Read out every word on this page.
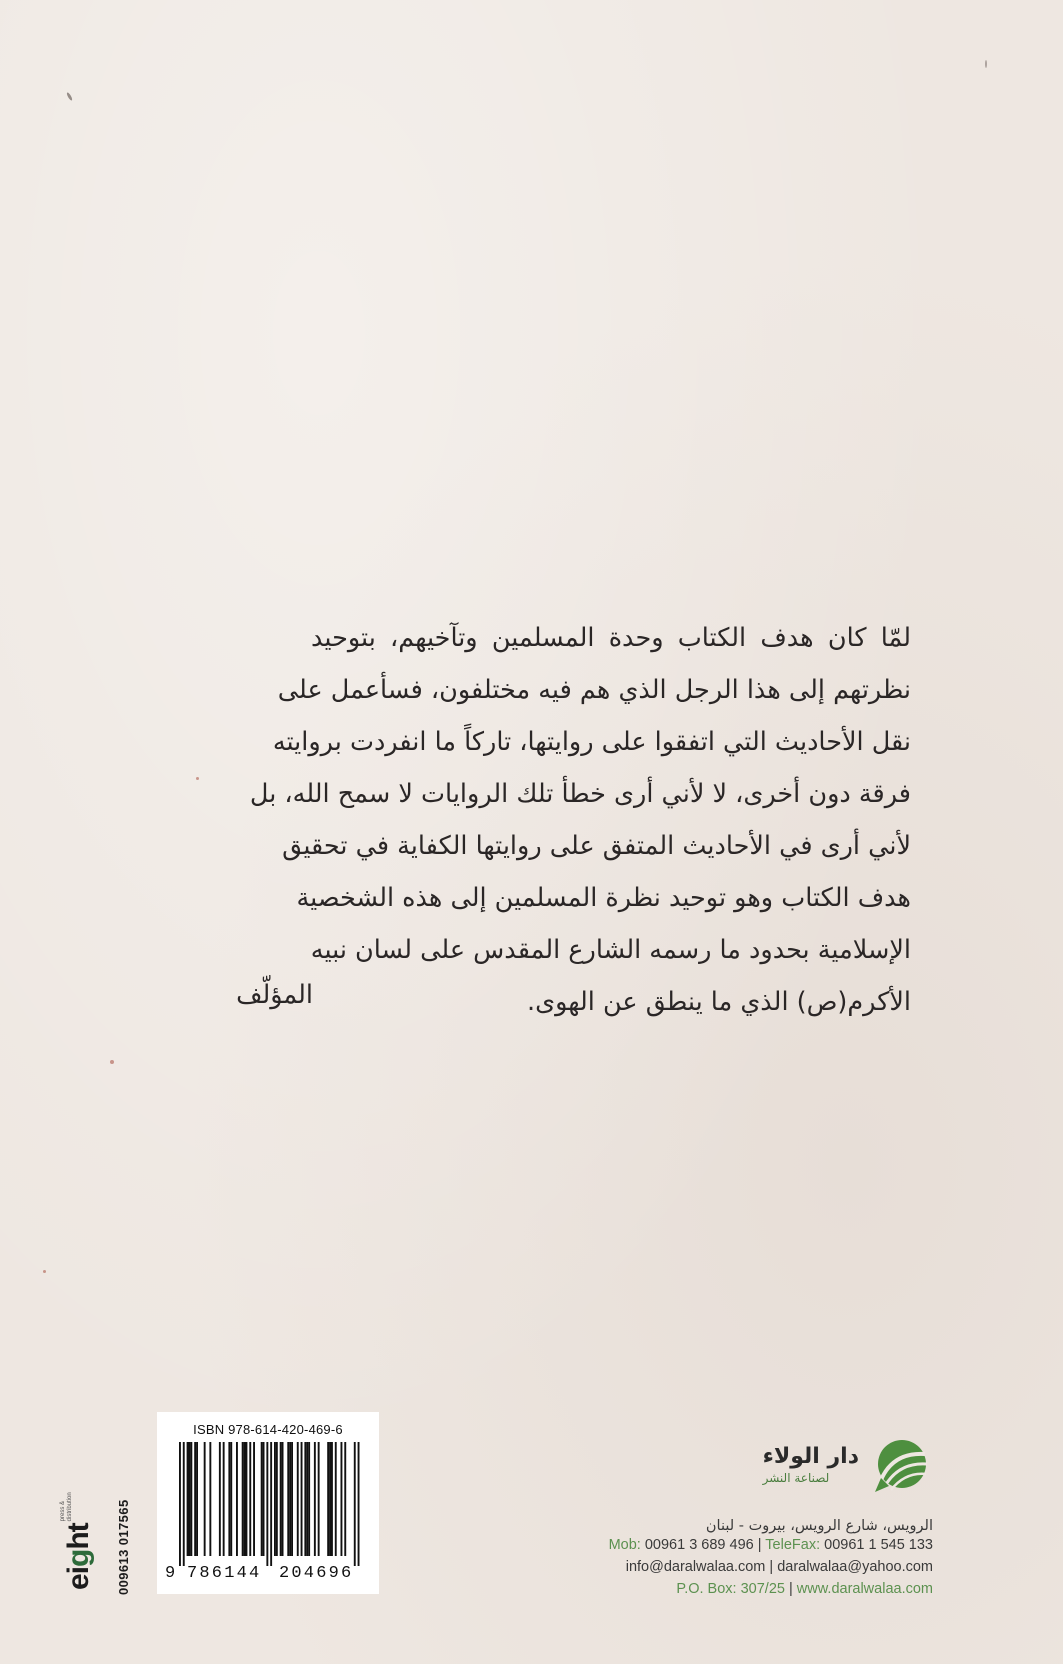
لمّا كان هدف الكتاب وحدة المسلمين وتآخيهم، بتوحيد
نظرتهم إلى هذا الرجل الذي هم فيه مختلفون، فسأعمل على
نقل الأحاديث التي اتفقوا على روايتها، تاركاً ما انفردت بروايته
فرقة دون أخرى، لا لأني أرى خطأ تلك الروايات لا سمح الله، بل
لأني أرى في الأحاديث المتفق على روايتها الكفاية في تحقيق
هدف الكتاب وهو توحيد نظرة المسلمين إلى هذه الشخصية
الإسلامية بحدود ما رسمه الشارع المقدس على لسان نبيه
الأكرم(ص) الذي ما ينطق عن الهوى.
المؤلّف
ISBN 978-614-420-469-6
9 786144 204696
eight
press &
distribution	009613 017565
دار الولاء
لصناعة النشر
الرويس، شارع الرويس، بيروت - لبنان
Mob: 00961 3 689 496 | TeleFax: 00961 1 545 133
info@daralwalaa.com | daralwalaa@yahoo.com
P.O. Box: 307/25 | www.daralwalaa.com
